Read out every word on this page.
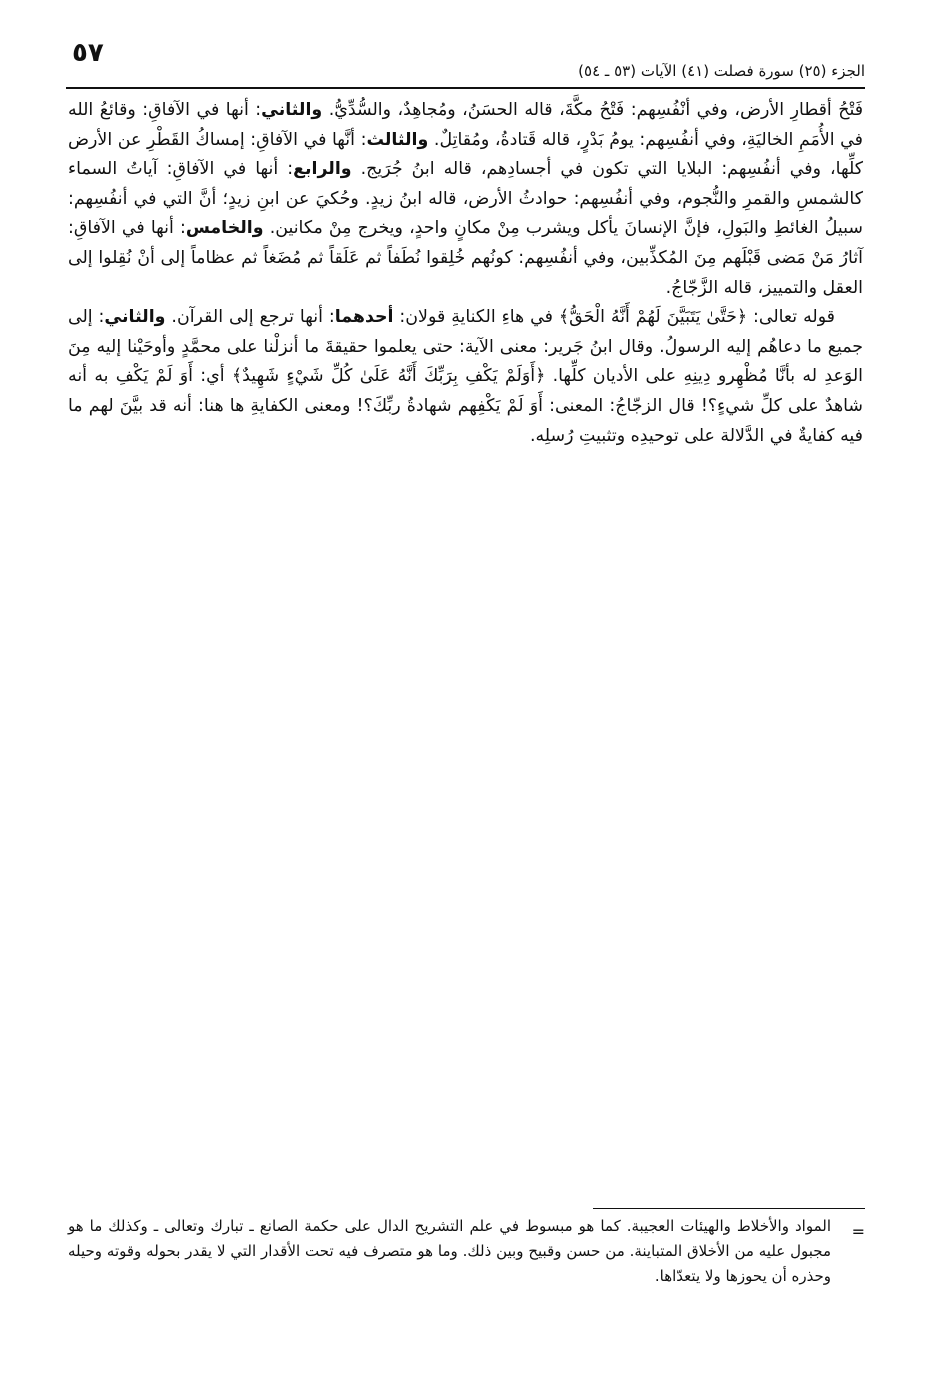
٥٧
الجزء (٢٥) سورة فصلت (٤١) الآيات (٥٣ ـ ٥٤)

فَتْحُ أقطارِ الأرض، وفي أنْفُسِهم: فَتْحُ مكَّةَ، قاله الحسَنُ، ومُجاهِدٌ، والسُّدِّيُّ. والثاني: أنها في الآفاقِ: وقائعُ الله في الأُمَمِ الخاليَةِ، وفي أنفُسِهم: يومُ بَدْرٍ، قاله قَتادةُ، ومُقاتِلٌ. والثالث: أنَّها في الآفاقِ: إمساكُ القَطْرِ عن الأرض كلِّها، وفي أنفُسِهم: البلايا التي تكون في أجسادِهم، قاله ابنُ جُرَيج. والرابع: أنها في الآفاقِ: آياتُ السماء كالشمسِ والقمرِ والنُّجوم، وفي أنفُسِهم: حوادثُ الأرض، قاله ابنُ زيدٍ. وحُكيَ عن ابنِ زيدٍ؛ أنَّ التي في أنفُسِهم: سبيلُ الغائطِ والبَولِ، فإنَّ الإنسانَ يأكل ويشرب مِنْ مكانٍ واحدٍ، ويخرج مِنْ مكانين. والخامس: أنها في الآفاقِ: آثارُ مَنْ مَضى قَبْلَهم مِنَ المُكذِّبين، وفي أنفُسِهم: كونُهم خُلِقوا نُطَفاً ثم عَلَقاً ثم مُضَغاً ثم عظاماً إلى أنْ نُقِلوا إلى العقل والتمييز، قاله الزَّجّاجُ.

قوله تعالى: ﴿حَتَّىٰ يَتَبَيَّنَ لَهُمْ أَنَّهُ الْحَقُّ﴾ في هاءِ الكنايةِ قولان: أحدهما: أنها ترجع إلى القرآن. والثاني: إلى جميع ما دعاهُم إليه الرسولُ. وقال ابنُ جَرير: معنى الآية: حتى يعلموا حقيقةَ ما أنزلْنا على محمَّدٍ وأوحَيْنا إليه مِنَ الوَعدِ له بأنَّا مُظْهِرو دِينِهِ على الأديان كلِّها. ﴿أَوَلَمْ يَكْفِ بِرَبِّكَ أَنَّهُ عَلَىٰ كُلِّ شَيْءٍ شَهِيدٌ﴾ أي: أَوَ لَمْ يَكْفِ به أنه شاهدٌ على كلِّ شيءٍ؟! قال الزجّاجُ: المعنى: أَوَ لَمْ يَكْفِهم شهادةُ ربِّكَ؟! ومعنى الكفايةِ ها هنا: أنه قد بيَّنَ لهم ما فيه كفايةٌ في الدَّلالة على توحيدِه وتثبيتِ رُسلِه.

=

المواد والأخلاط والهيئات العجيبة. كما هو مبسوط في علم التشريح الدال على حكمة الصانع ـ تبارك وتعالى ـ وكذلك ما هو مجبول عليه من الأخلاق المتباينة. من حسن وقبيح وبين ذلك. وما هو متصرف فيه تحت الأقدار التي لا يقدر بحوله وقوته وحيله وحذره أن يحوزها ولا يتعدّاها.
